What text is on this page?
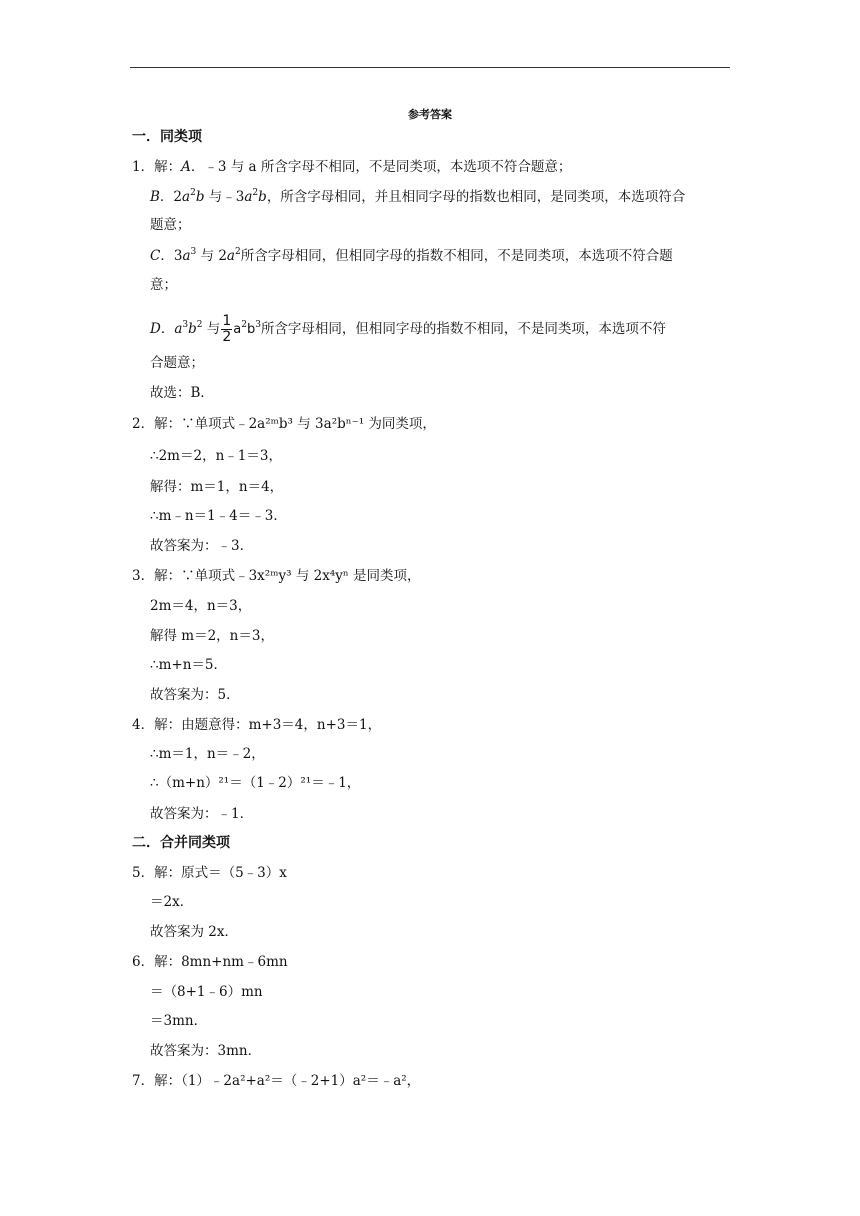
参考答案
一．同类项
1．解：A．﹣3 与 a 所含字母不相同，不是同类项，本选项不符合题意；
B．$2a^2b$ 与$﹣3a^2b$，所含字母相同，并且相同字母的指数也相同，是同类项，本选项符合
题意；
C．$3a^3$ 与 $2a^2$所含字母相同，但相同字母的指数不相同，不是同类项，本选项不符合题
意；
D．$a^3b^2$ 与 $\frac{1}{2} a^2b^3$所含字母相同，但相同字母的指数不相同，不是同类项，本选项不符
合题意；
故选：B．
2．解：∵单项式﹣2a²ᵐb³ 与 3a²bⁿ⁻¹ 为同类项，
∴2m＝2，n﹣1＝3，
解得：m＝1，n＝4，
∴m﹣n＝1﹣4＝﹣3．
故答案为：﹣3．
3．解：∵单项式﹣3x²ᵐy³ 与 2x⁴yⁿ 是同类项，
2m＝4，n＝3，
解得 m＝2，n＝3，
∴m+n＝5．
故答案为：5．
4．解：由题意得：m+3＝4，n+3＝1，
∴m＝1，n＝﹣2，
∴（m+n）²¹＝（1﹣2）²¹＝﹣1，
故答案为：﹣1．
二．合并同类项
5．解：原式＝（5﹣3）x
＝2x．
故答案为 2x．
6．解：8mn+nm﹣6mn
＝（8+1﹣6）mn
＝3mn．
故答案为：3mn．
7．解：（1）﹣2a²+a²＝（﹣2+1）a²＝﹣a²，
